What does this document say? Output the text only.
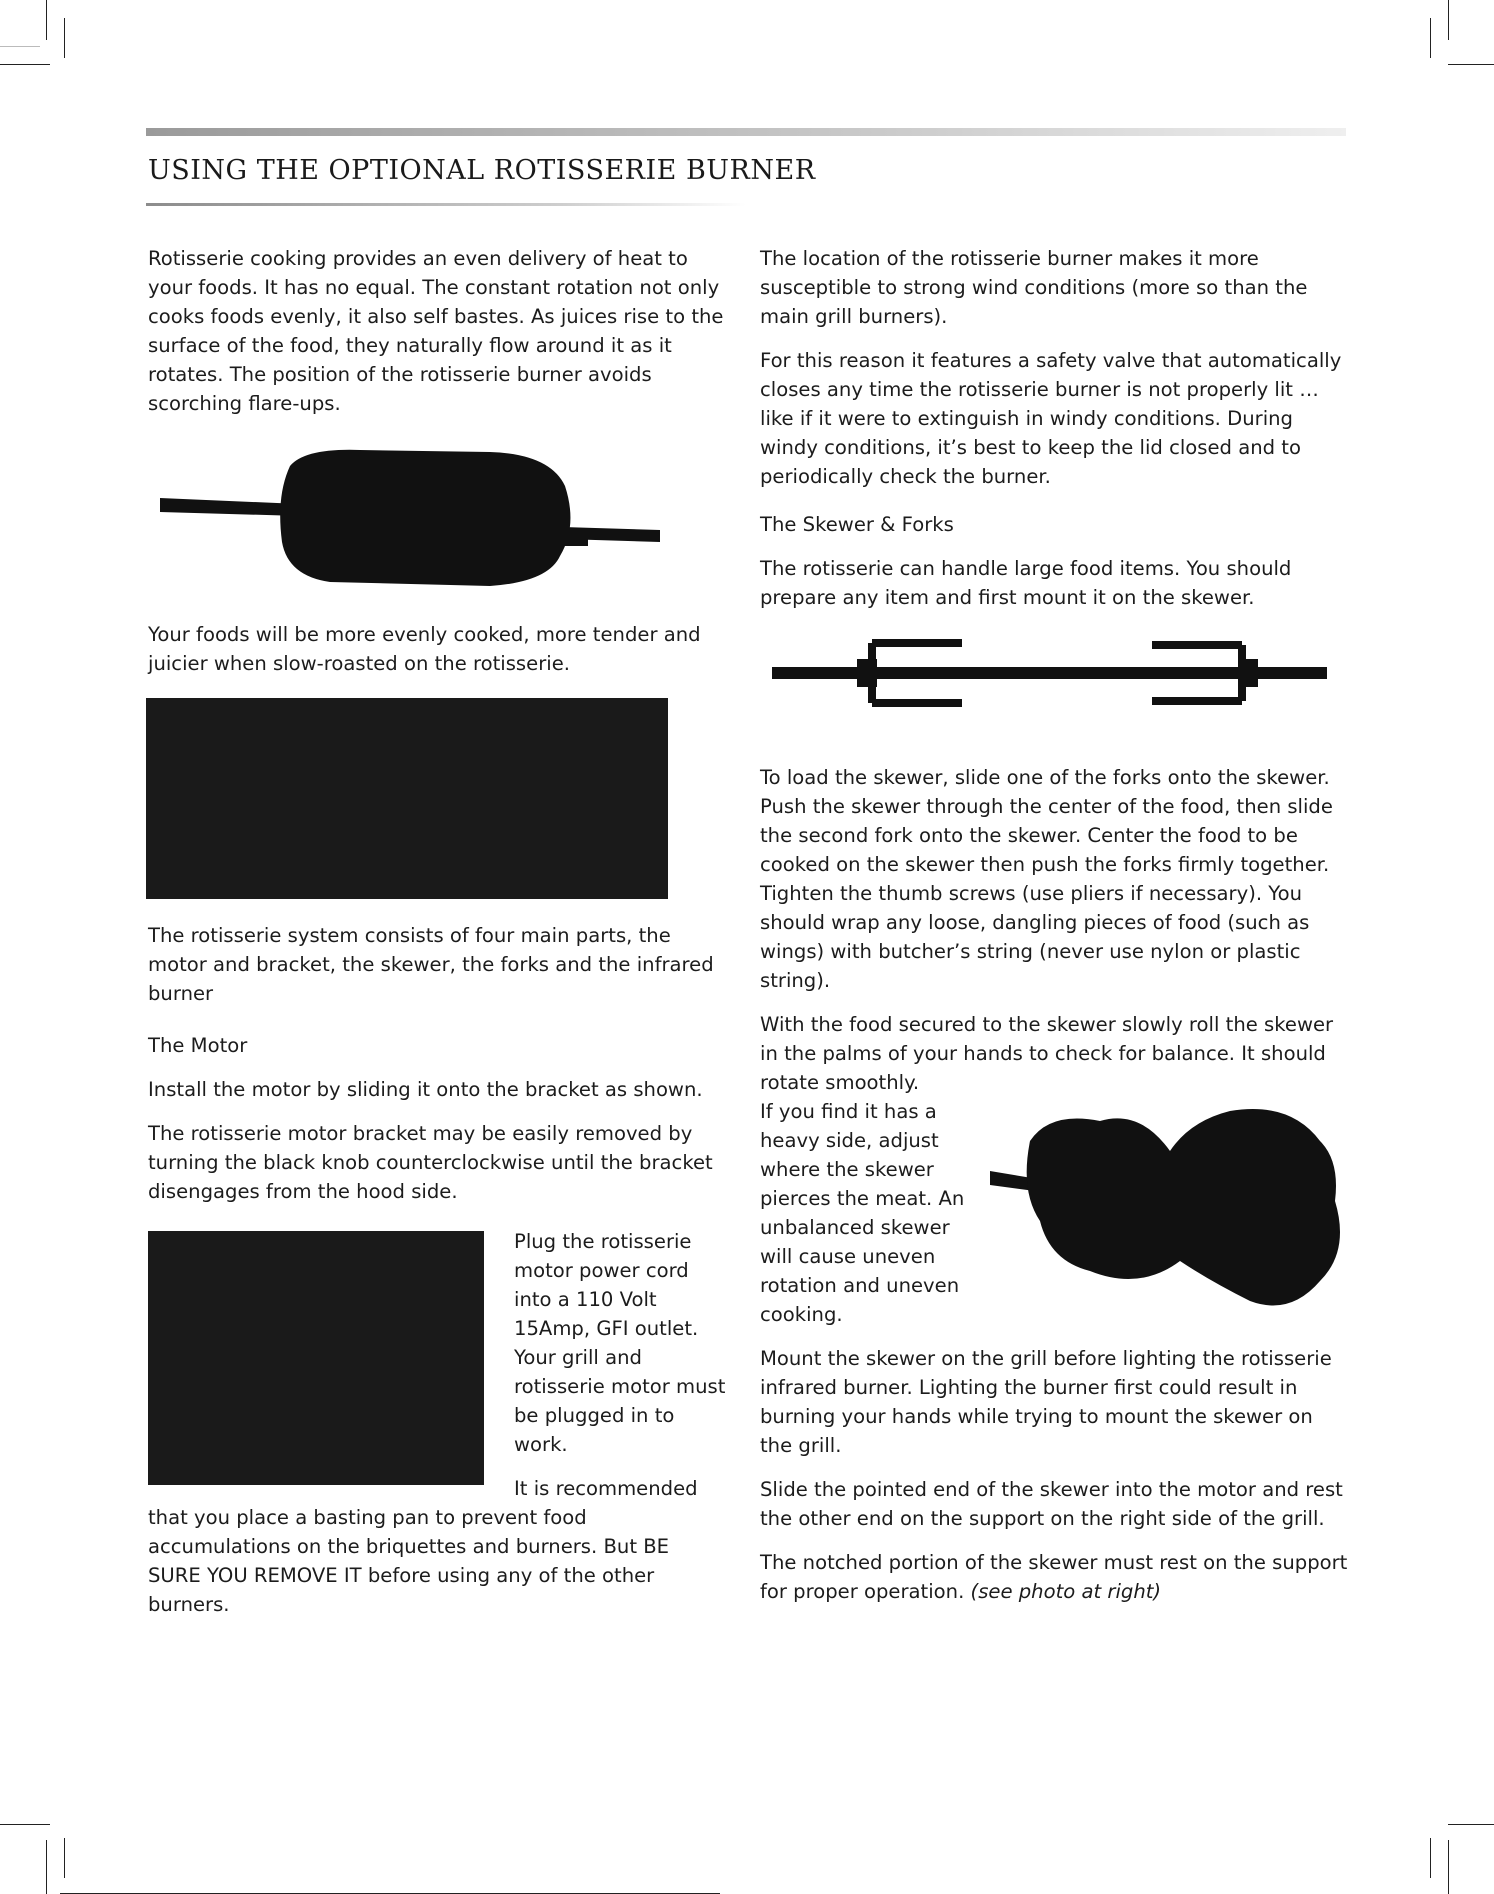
USING THE OPTIONAL ROTISSERIE BURNER

Rotisserie cooking provides an even delivery of heat to your foods. It has no equal. The constant rotation not only cooks foods evenly, it also self bastes. As juices rise to the surface of the food, they naturally flow around it as it rotates. The position of the rotisserie burner avoids scorching flare-ups.

Your foods will be more evenly cooked, more tender and juicier when slow-roasted on the rotisserie.

The rotisserie system consists of four main parts, the motor and bracket, the skewer, the forks and the infrared burner

The Motor

Install the motor by sliding it onto the bracket as shown.

The rotisserie motor bracket may be easily removed by turning the black knob counterclockwise until the bracket disengages from the hood side.

Plug the rotisserie motor power cord into a 110 Volt 15Amp, GFI outlet. Your grill and rotisserie motor must be plugged in to work.

It is recommended that you place a basting pan to prevent food accumulations on the briquettes and burners. But BE SURE YOU REMOVE IT before using any of the other burners.

The location of the rotisserie burner makes it more susceptible to strong wind conditions (more so than the main grill burners).

For this reason it features a safety valve that automatically closes any time the rotisserie burner is not properly lit … like if it were to extinguish in windy conditions. During windy conditions, it’s best to keep the lid closed and to periodically check the burner.

The Skewer & Forks

The rotisserie can handle large food items. You should prepare any item and first mount it on the skewer.

To load the skewer, slide one of the forks onto the skewer. Push the skewer through the center of the food, then slide the second fork onto the skewer. Center the food to be cooked on the skewer then push the forks firmly together. Tighten the thumb screws (use pliers if necessary). You should wrap any loose, dangling pieces of food (such as wings) with butcher’s string (never use nylon or plastic string).

With the food secured to the skewer slowly roll the skewer in the palms of your hands to check for balance. It should rotate smoothly.

If you find it has a heavy side, adjust where the skewer pierces the meat. An unbalanced skewer will cause uneven rotation and uneven cooking.

Mount the skewer on the grill before lighting the rotisserie infrared burner. Lighting the burner first could result in burning your hands while trying to mount the skewer on the grill.

Slide the pointed end of the skewer into the motor and rest the other end on the support on the right side of the grill.

The notched portion of the skewer must rest on the support for proper operation. (see photo at right)
